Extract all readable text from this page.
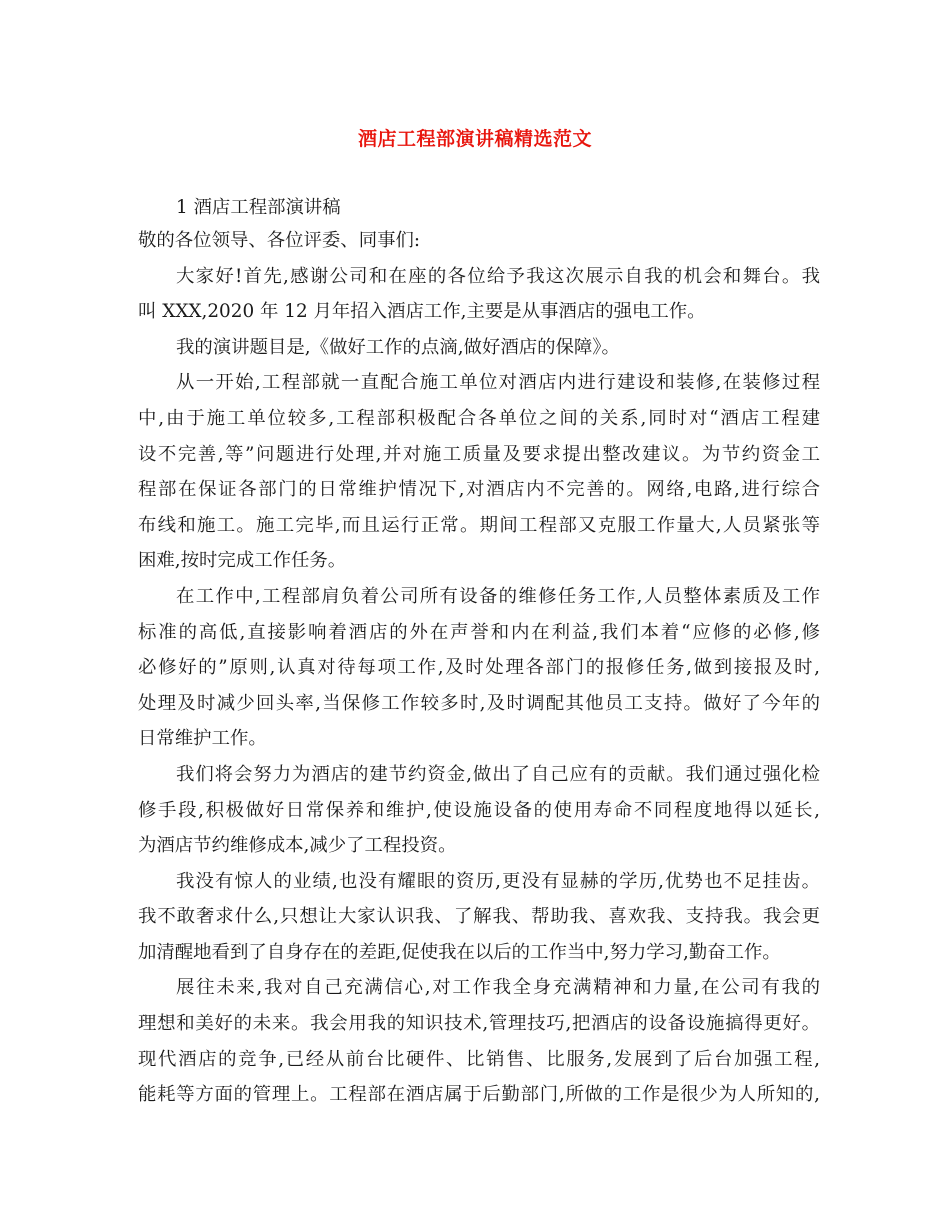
酒店工程部演讲稿精选范文
1 酒店工程部演讲稿
敬的各位领导、各位评委、同事们:
大家好!首先,感谢公司和在座的各位给予我这次展示自我的机会和舞台。我
叫 XXX,2020 年 12 月年招入酒店工作,主要是从事酒店的强电工作。
我的演讲题目是,《做好工作的点滴,做好酒店的保障》。
从一开始,工程部就一直配合施工单位对酒店内进行建设和装修,在装修过程
中,由于施工单位较多,工程部积极配合各单位之间的关系,同时对“酒店工程建
设不完善,等”问题进行处理,并对施工质量及要求提出整改建议。为节约资金工
程部在保证各部门的日常维护情况下,对酒店内不完善的。网络,电路,进行综合
布线和施工。施工完毕,而且运行正常。期间工程部又克服工作量大,人员紧张等
困难,按时完成工作任务。
在工作中,工程部肩负着公司所有设备的维修任务工作,人员整体素质及工作
标准的高低,直接影响着酒店的外在声誉和内在利益,我们本着“应修的必修,修
必修好的”原则,认真对待每项工作,及时处理各部门的报修任务,做到接报及时,
处理及时减少回头率,当保修工作较多时,及时调配其他员工支持。做好了今年的
日常维护工作。
我们将会努力为酒店的建节约资金,做出了自己应有的贡献。我们通过强化检
修手段,积极做好日常保养和维护,使设施设备的使用寿命不同程度地得以延长,
为酒店节约维修成本,减少了工程投资。
我没有惊人的业绩,也没有耀眼的资历,更没有显赫的学历,优势也不足挂齿。
我不敢奢求什么,只想让大家认识我、了解我、帮助我、喜欢我、支持我。我会更
加清醒地看到了自身存在的差距,促使我在以后的工作当中,努力学习,勤奋工作。
展往未来,我对自己充满信心,对工作我全身充满精神和力量,在公司有我的
理想和美好的未来。我会用我的知识技术,管理技巧,把酒店的设备设施搞得更好。
现代酒店的竞争,已经从前台比硬件、比销售、比服务,发展到了后台加强工程,
能耗等方面的管理上。工程部在酒店属于后勤部门,所做的工作是很少为人所知的,
